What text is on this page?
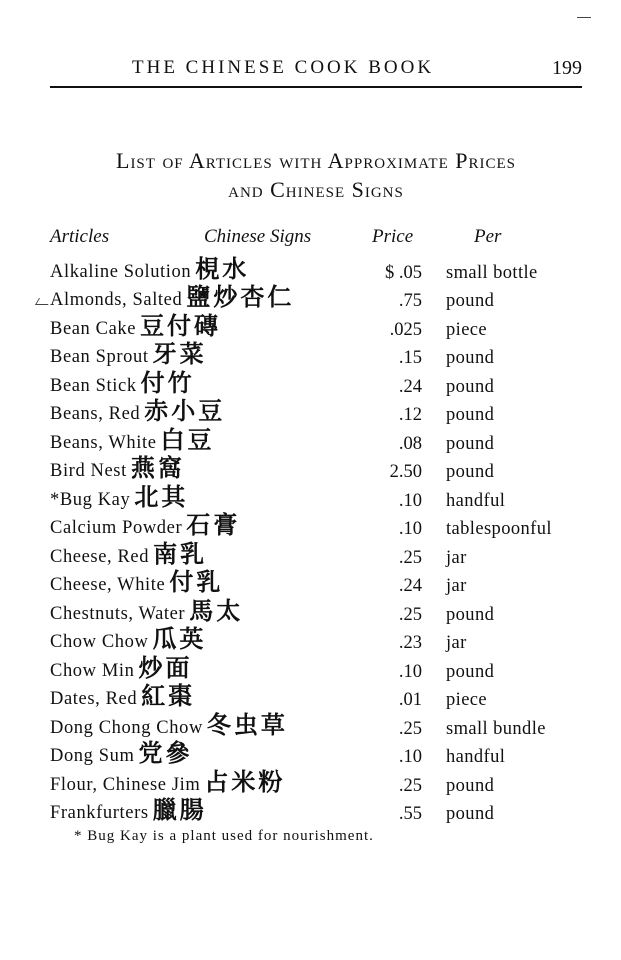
THE CHINESE COOK BOOK	199
List of Articles with Approximate Prices
and Chinese Signs
Articles	Chinese Signs	Price	Per
Alkaline Solution 梘水	$ .05 small bottle
Almonds, Salted 鹽炒杏仁	.75 pound
Bean Cake 豆付磚	.025 piece
Bean Sprout 牙菜	.15 pound
Bean Stick 付竹	.24 pound
Beans, Red 赤小豆	.12 pound
Beans, White 白豆	.08 pound
Bird Nest 燕窩	2.50 pound
*Bug Kay 北其	.10 handful
Calcium Powder 石膏	.10 tablespoonful
Cheese, Red 南乳	.25 jar
Cheese, White 付乳	.24 jar
Chestnuts, Water 馬太	.25 pound
Chow Chow 瓜英	.23 jar
Chow Min 炒面	.10 pound
Dates, Red 紅棗	.01 piece
Dong Chong Chow 冬虫草	.25 small bundle
Dong Sum 党參	.10 handful
Flour, Chinese Jim 占米粉	.25 pound
Frankfurters 臘腸	.55 pound
* Bug Kay is a plant used for nourishment.
